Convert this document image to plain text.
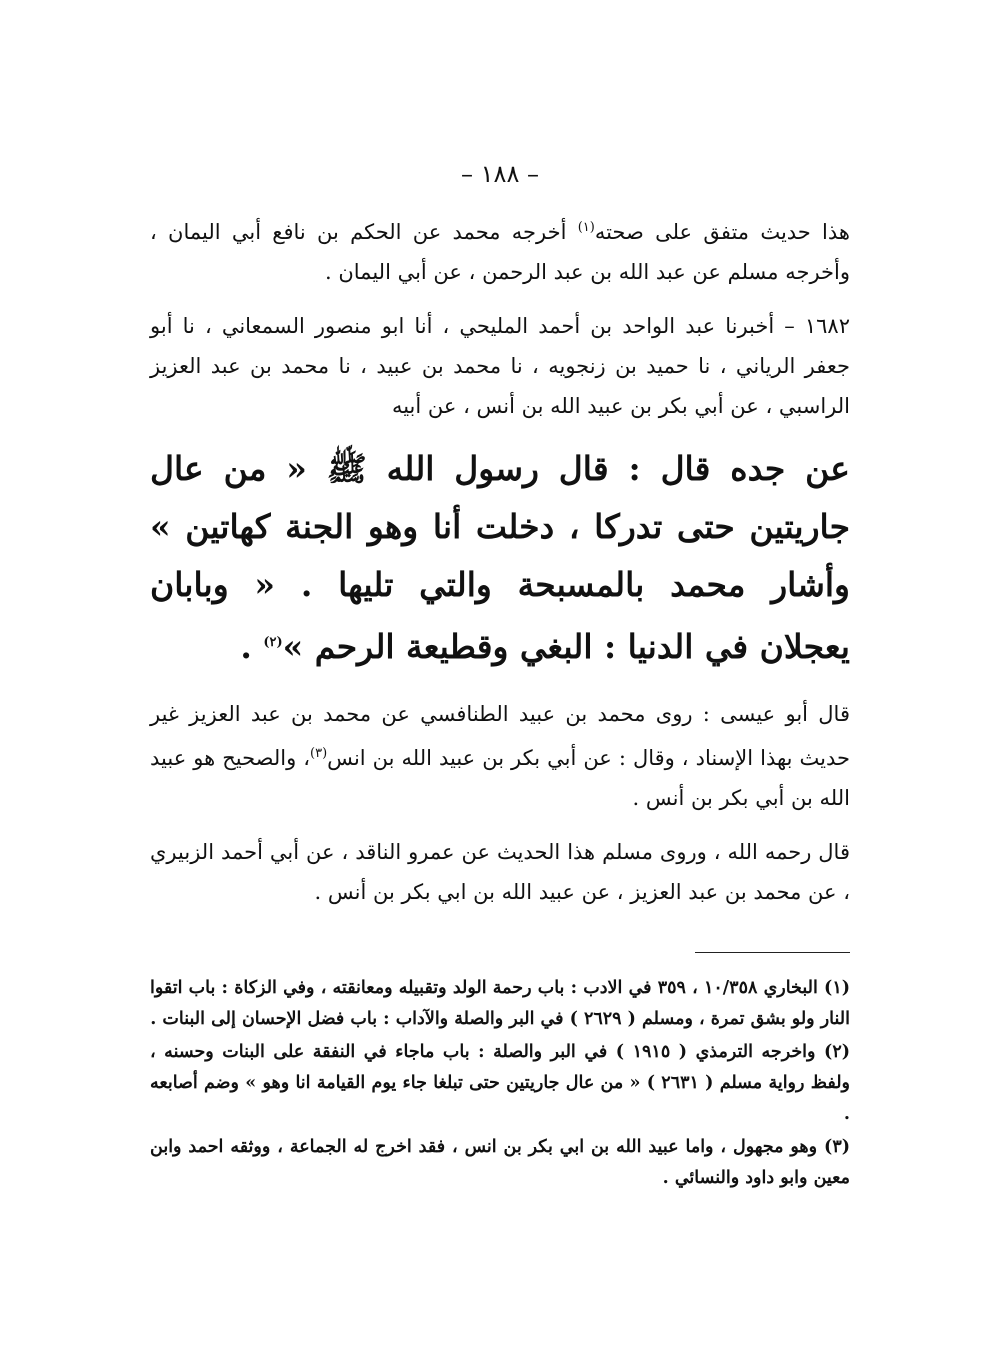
– ١٨٨ –

هذا حديث متفق على صحته$^{(١)}$ أخرجه محمد عن الحكم بن نافع أبي اليمان ، وأخرجه مسلم عن عبد الله بن عبد الرحمن ، عن أبي اليمان .

١٦٨٢ – أخبرنا عبد الواحد بن أحمد المليحي ، أنا ابو منصور السمعاني ، نا أبو جعفر الرياني ، نا حميد بن زنجويه ، نا محمد بن عبيد ، نا محمد بن عبد العزيز الراسبي ، عن أبي بكر بن عبيد الله بن أنس ، عن أبيه

عن جده قال : قال رسول الله ﷺ « من عال جاريتين حتى تدركا ، دخلت أنا وهو الجنة كهاتين » وأشار محمد بالمسبحة والتي تليها . « وبابان يعجلان في الدنيا : البغي وقطيعة الرحم »$^{(٢)}$ .

قال أبو عيسى : روى محمد بن عبيد الطنافسي عن محمد بن عبد العزيز غير حديث بهذا الإسناد ، وقال : عن أبي بكر بن عبيد الله بن انس$^{(٣)}$، والصحيح هو عبيد الله بن أبي بكر بن أنس .

قال رحمه الله ، وروى مسلم هذا الحديث عن عمرو الناقد ، عن أبي أحمد الزبيري ، عن محمد بن عبد العزيز ، عن عبيد الله بن ابي بكر بن أنس .

(١) البخاري ١٠/٣٥٨ ، ٣٥٩ في الادب : باب رحمة الولد وتقبيله ومعانقته ، وفي الزكاة : باب اتقوا النار ولو بشق تمرة ، ومسلم ( ٢٦٢٩ ) في البر والصلة والآداب : باب فضل الإحسان إلى البنات .

(٢) واخرجه الترمذي ( ١٩١٥ ) في البر والصلة : باب ماجاء في النفقة على البنات وحسنه ، ولفظ رواية مسلم ( ٢٦٣١ ) « من عال جاريتين حتى تبلغا جاء يوم القيامة انا وهو » وضم أصابعه .

(٣) وهو مجهول ، واما عبيد الله بن ابي بكر بن انس ، فقد اخرج له الجماعة ، ووثقه احمد وابن معين وابو داود والنسائي .
